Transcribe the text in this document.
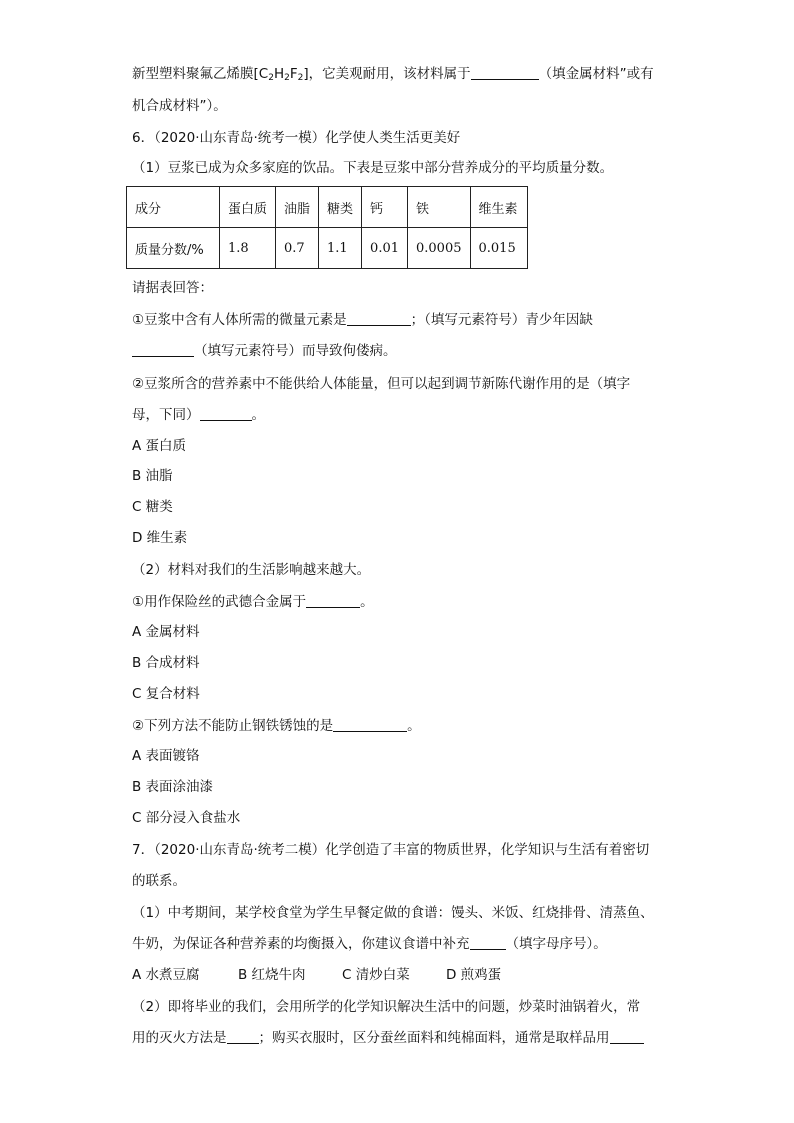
新型塑料聚氟乙烯膜$[C_2H_2F_2]$，它美观耐用，该材料属于	（填金属材料”或有
机合成材料”）。
6．（2020·山东青岛·统考一模）化学使人类生活更美好
（1）豆浆已成为众多家庭的饮品。下表是豆浆中部分营养成分的平均质量分数。
成分	蛋白质	油脂	糖类	钙	铁	维生素
质量分数/%	1.8	0.7	1.1	0.01	0.0005	0.015
请据表回答：
①豆浆中含有人体所需的微量元素是	；（填写元素符号）青少年因缺
（填写元素符号）而导致佝偻病。
②豆浆所含的营养素中不能供给人体能量，但可以起到调节新陈代谢作用的是（填字
母，下同）	。
A 蛋白质
B 油脂
C 糖类
D 维生素
（2）材料对我们的生活影响越来越大。
①用作保险丝的武德合金属于	。
A 金属材料
B 合成材料
C 复合材料
②下列方法不能防止钢铁锈蚀的是	。
A 表面镀铬
B 表面涂油漆
C 部分浸入食盐水
7．（2020·山东青岛·统考二模）化学创造了丰富的物质世界，化学知识与生活有着密切
的联系。
（1）中考期间，某学校食堂为学生早餐定做的食谱：馒头、米饭、红烧排骨、清蒸鱼、
牛奶，为保证各种营养素的均衡摄入，你建议食谱中补充	（填字母序号）。
A 水煮豆腐	B 红烧牛肉	C 清炒白菜	D 煎鸡蛋
（2）即将毕业的我们，会用所学的化学知识解决生活中的问题，炒菜时油锅着火，常
用的灭火方法是 ；购买衣服时，区分蚕丝面料和纯棉面料，通常是取样品用
